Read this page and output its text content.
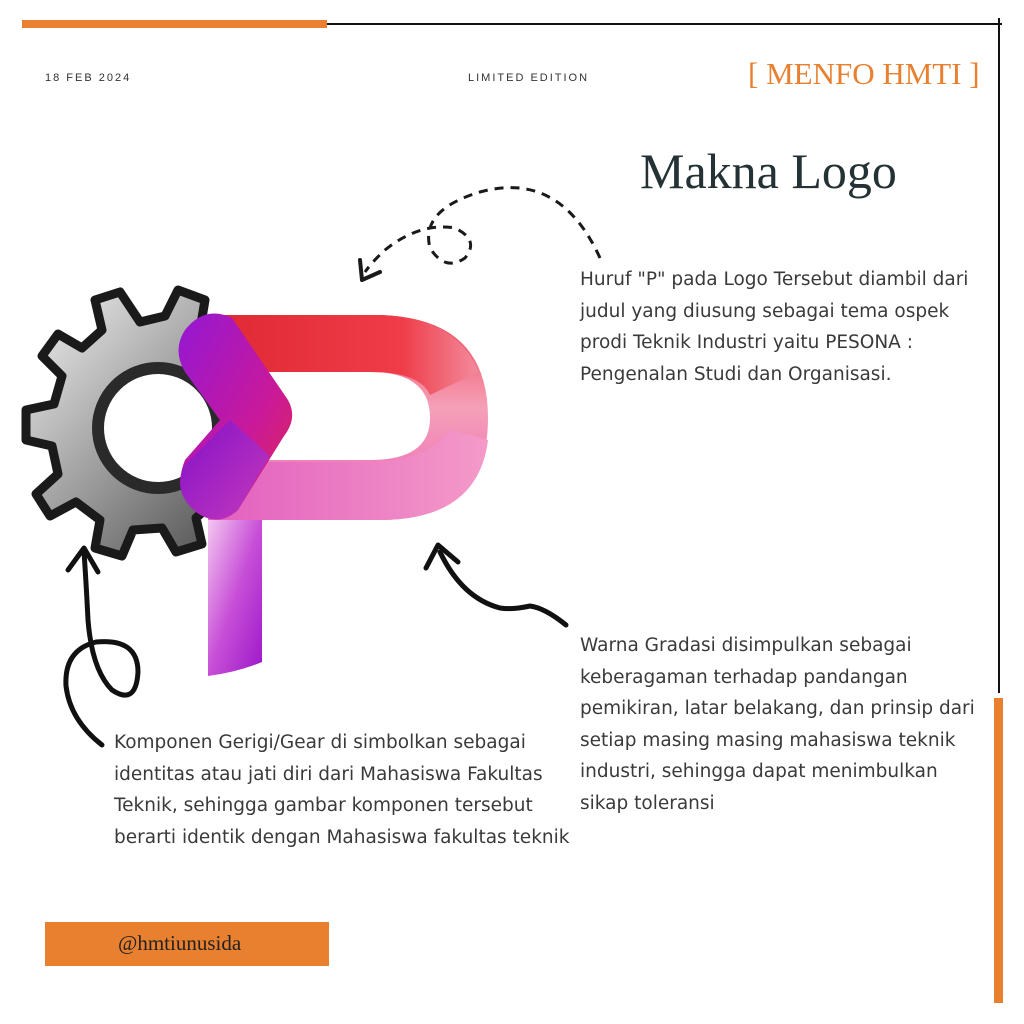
18 FEB 2024	LIMITED EDITION	[ MENFO HMTI ]
Makna Logo
Huruf "P" pada Logo Tersebut diambil dari judul yang diusung sebagai tema ospek prodi Teknik Industri yaitu PESONA : Pengenalan Studi dan Organisasi.
Warna Gradasi disimpulkan sebagai keberagaman terhadap pandangan pemikiran, latar belakang, dan prinsip dari setiap masing masing mahasiswa teknik industri, sehingga dapat menimbulkan sikap toleransi
Komponen Gerigi/Gear di simbolkan sebagai identitas atau jati diri dari Mahasiswa Fakultas Teknik, sehingga gambar komponen tersebut berarti identik dengan Mahasiswa fakultas teknik
@hmtiunusida
